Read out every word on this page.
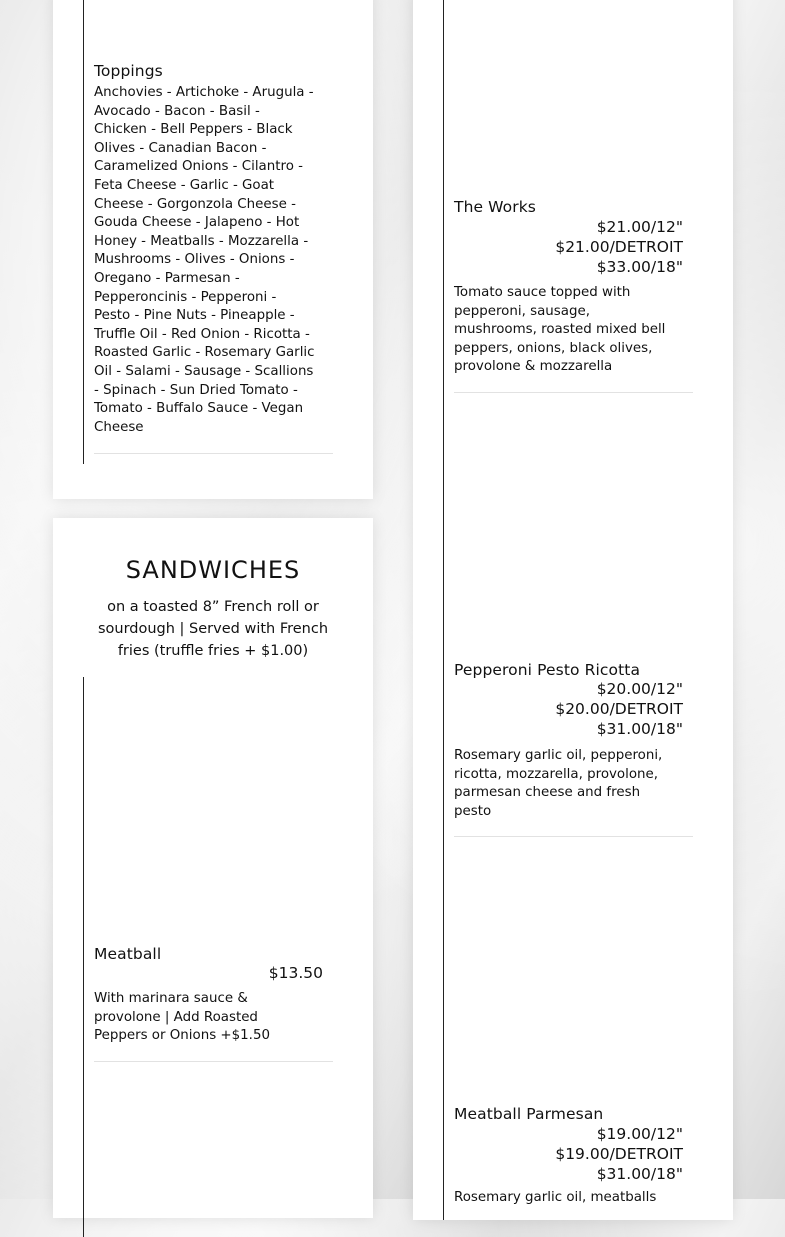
Toppings
Anchovies - Artichoke - Arugula - Avocado - Bacon - Basil - Chicken - Bell Peppers - Black Olives - Canadian Bacon - Caramelized Onions - Cilantro - Feta Cheese - Garlic - Goat Cheese - Gorgonzola Cheese - Gouda Cheese - Jalapeno - Hot Honey - Meatballs - Mozzarella - Mushrooms - Olives - Onions - Oregano - Parmesan - Pepperoncinis - Pepperoni - Pesto - Pine Nuts - Pineapple - Truffle Oil - Red Onion - Ricotta - Roasted Garlic - Rosemary Garlic Oil - Salami - Sausage - Scallions - Spinach - Sun Dried Tomato - Tomato - Buffalo Sauce - Vegan Cheese
SANDWICHES
on a toasted 8” French roll or sourdough | Served with French fries (truffle fries + $1.00)
Meatball
$13.50
With marinara sauce & provolone | Add Roasted Peppers or Onions +$1.50
The Works
$21.00/12"
$21.00/DETROIT
$33.00/18"
Tomato sauce topped with pepperoni, sausage, mushrooms, roasted mixed bell peppers, onions, black olives, provolone & mozzarella
Pepperoni Pesto Ricotta
$20.00/12"
$20.00/DETROIT
$31.00/18"
Rosemary garlic oil, pepperoni, ricotta, mozzarella, provolone, parmesan cheese and fresh pesto
Meatball Parmesan
$19.00/12"
$19.00/DETROIT
$31.00/18"
Rosemary garlic oil, meatballs
